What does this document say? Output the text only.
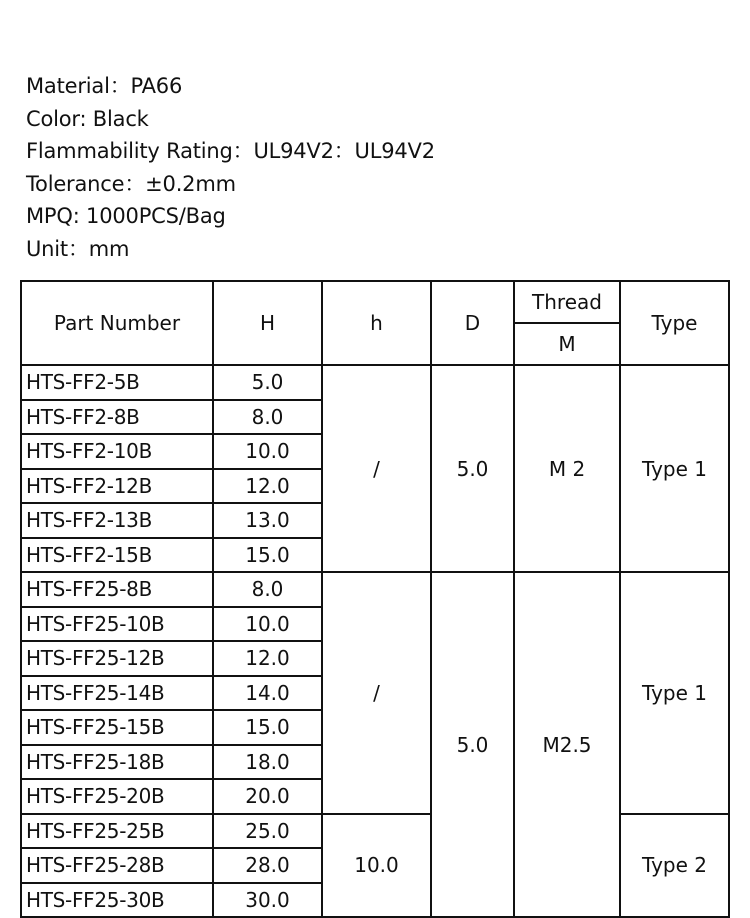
Material：PA66
Color: Black
Flammability Rating：UL94V2：UL94V2
Tolerance：±0.2mm
MPQ: 1000PCS/Bag
Unit：mm
Part Number	H	h	D	Thread	Type
				M	
HTS-FF2-5B	5.0	/	5.0	M 2	Type 1
HTS-FF2-8B	8.0				
HTS-FF2-10B	10.0				
HTS-FF2-12B	12.0				
HTS-FF2-13B	13.0				
HTS-FF2-15B	15.0				
HTS-FF25-8B	8.0	/	5.0	M2.5	Type 1
HTS-FF25-10B	10.0				
HTS-FF25-12B	12.0				
HTS-FF25-14B	14.0				
HTS-FF25-15B	15.0				
HTS-FF25-18B	18.0				
HTS-FF25-20B	20.0				
HTS-FF25-25B	25.0	10.0			Type 2
HTS-FF25-28B	28.0				
HTS-FF25-30B	30.0				
